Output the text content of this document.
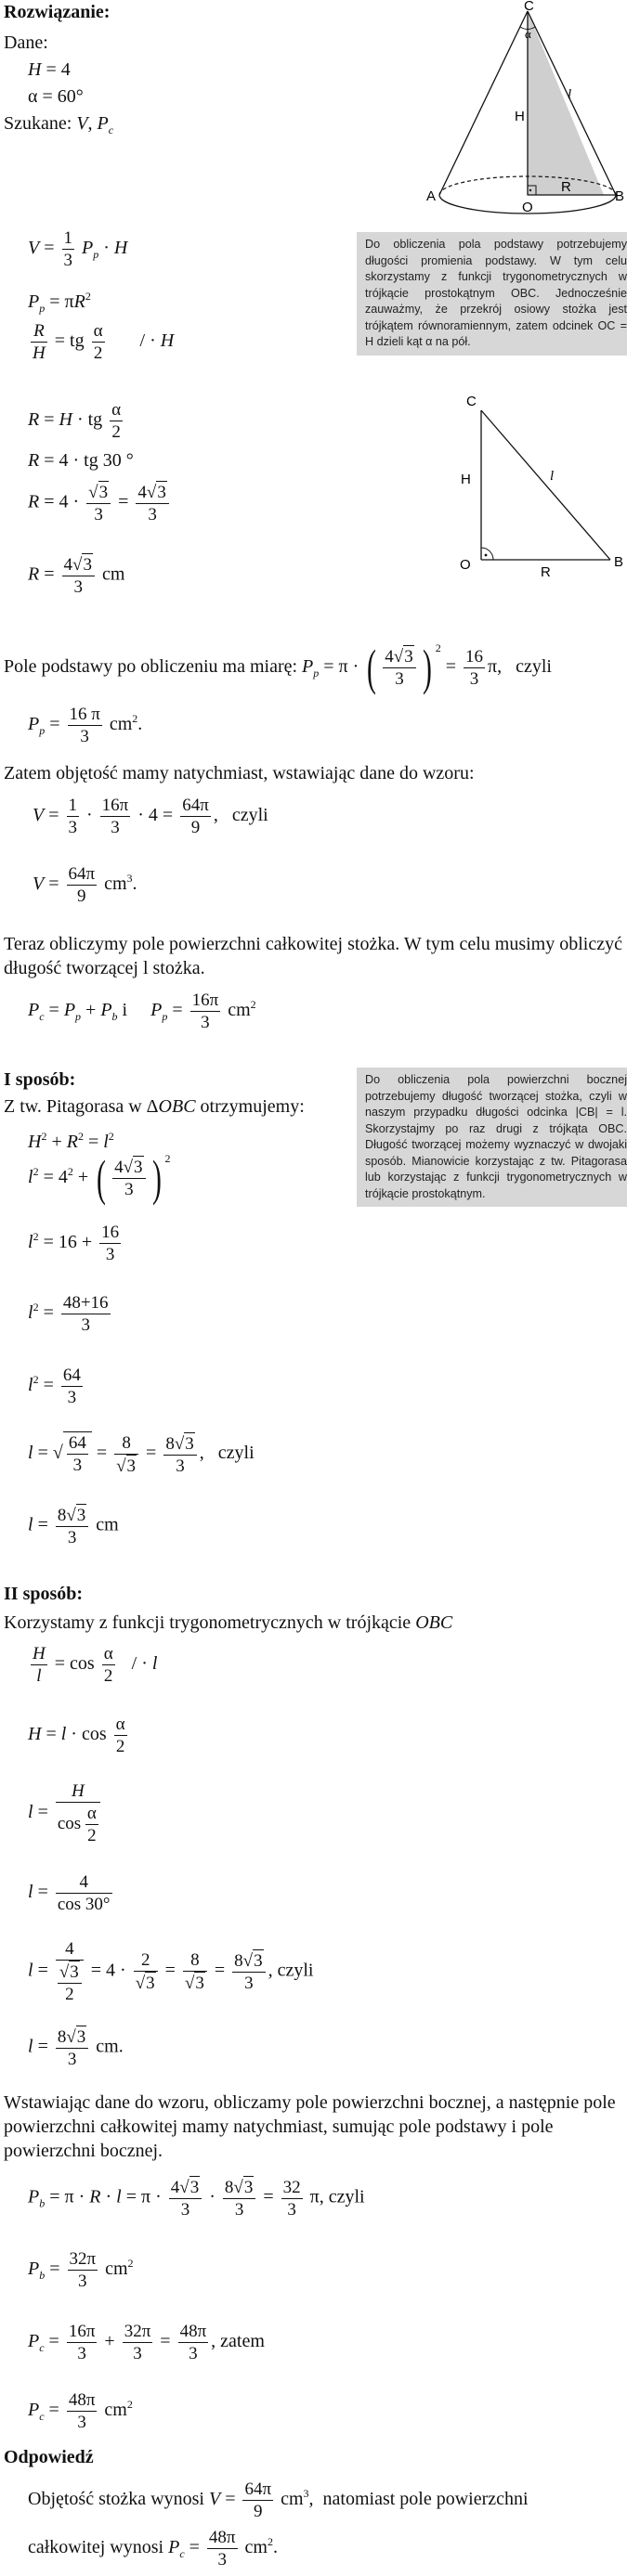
Rozwiązanie:
Dane:
H = 4
α = 60°
Szukane: V, $P_c$
C
α
A	B
O
H
R
l
$V = \frac{1}{3} P_p \cdot H$
$P_p = \pi R^2$
$\frac{R}{H}$ = tg $\frac{\alpha}{2}$ / · H
Do obliczenia pola podstawy potrzebujemy długości promienia podstawy. W tym celu skorzystamy z funkcji trygonometrycznych w trójkącie prostokątnym OBC. Jednocześnie zauważmy, że przekrój osiowy stożka jest trójkątem równoramiennym, zatem odcinek OC = H dzieli kąt α na pół.
R = H · tg $\frac{\alpha}{2}$
R = 4 · tg 30 °
$R = 4 \cdot \frac{√3}{3} = \frac{4√3}{3}$
$R = \frac{4√3}{3}$ cm
C
O	B
H
R
l
Pole podstawy po obliczeniu ma miarę: $P_p = \pi$ · ( $\frac{4√3}{3}$ ) $^2 = \frac{16}{3} \pi$,   czyli
$P_p = \frac{16 \pi}{3} cm^2$.
Zatem objętość mamy natychmiast, wstawiając dane do wzoru:
$V = \frac{1}{3} \cdot \frac{16\pi}{3} \cdot 4 = \frac{64\pi}{9}$ ,   czyli
$V = \frac{64\pi}{9} cm^3$.
Teraz obliczymy pole powierzchni całkowitej stożka. W tym celu musimy obliczyć długość tworzącej l stożka.
$P_c = P_p + P_b$ i     $P_p = \frac{16\pi}{3} cm^2$
I sposób:
Z tw. Pitagorasa w ΔOBC otrzymujemy:
$H^2 + R^2 = l^2$
$l^2 = 4^2$ + ( $\frac{4√3}{3}$ ) $^2$
$l^2 = 16 + \frac{16}{3}$
$l^2 = \frac{48+16}{3}$
$l^2 = \frac{64}{3}$
l = √ $\frac{64}{3} = \frac{8}{√3} = \frac{8√3}{3}$ ,   czyli
$l = \frac{8√3}{3}$ cm
Do obliczenia pola powierzchni bocznej potrzebujemy długość tworzącej stożka, czyli w naszym przypadku długości odcinka |CB| = l. Skorzystajmy po raz drugi z trójkąta OBC. Długość tworzącej możemy wyznaczyć w dwojaki sposób. Mianowicie korzystając z tw. Pitagorasa lub korzystając z funkcji trygonometrycznych w trójkącie prostokątnym.
II sposób:
Korzystamy z funkcji trygonometrycznych w trójkącie OBC
$\frac{H}{l} = \cos \frac{\alpha}{2}$ / · l
$H = l \cdot \cos \frac{\alpha}{2}$
$l = \frac{H}{\cos \frac{\alpha}{2}}$
$l = \frac{4}{\cos 30^\circ}$
$l = \frac{4}{\frac{√3}{2}} = 4 \cdot \frac{2}{√3} = \frac{8}{√3} = \frac{8√3}{3}$ , czyli
$l = \frac{8√3}{3}$ cm.
Wstawiając dane do wzoru, obliczamy pole powierzchni bocznej, a następnie pole powierzchni całkowitej mamy natychmiast, sumując pole podstawy i pole powierzchni bocznej.
$P_b = \pi \cdot R \cdot l = \pi \cdot \frac{4√3}{3} \cdot \frac{8√3}{3} = \frac{32}{3} \pi$, czyli
$P_b = \frac{32\pi}{3} cm^2$
$P_c = \frac{16\pi}{3} + \frac{32\pi}{3} = \frac{48\pi}{3}$ , zatem
$P_c = \frac{48\pi}{3} cm^2$
Odpowiedź
Objętość stożka wynosi $V = \frac{64\pi}{9} cm^3$,  natomiast pole powierzchni
całkowitej wynosi $P_c = \frac{48\pi}{3} cm^2$.
